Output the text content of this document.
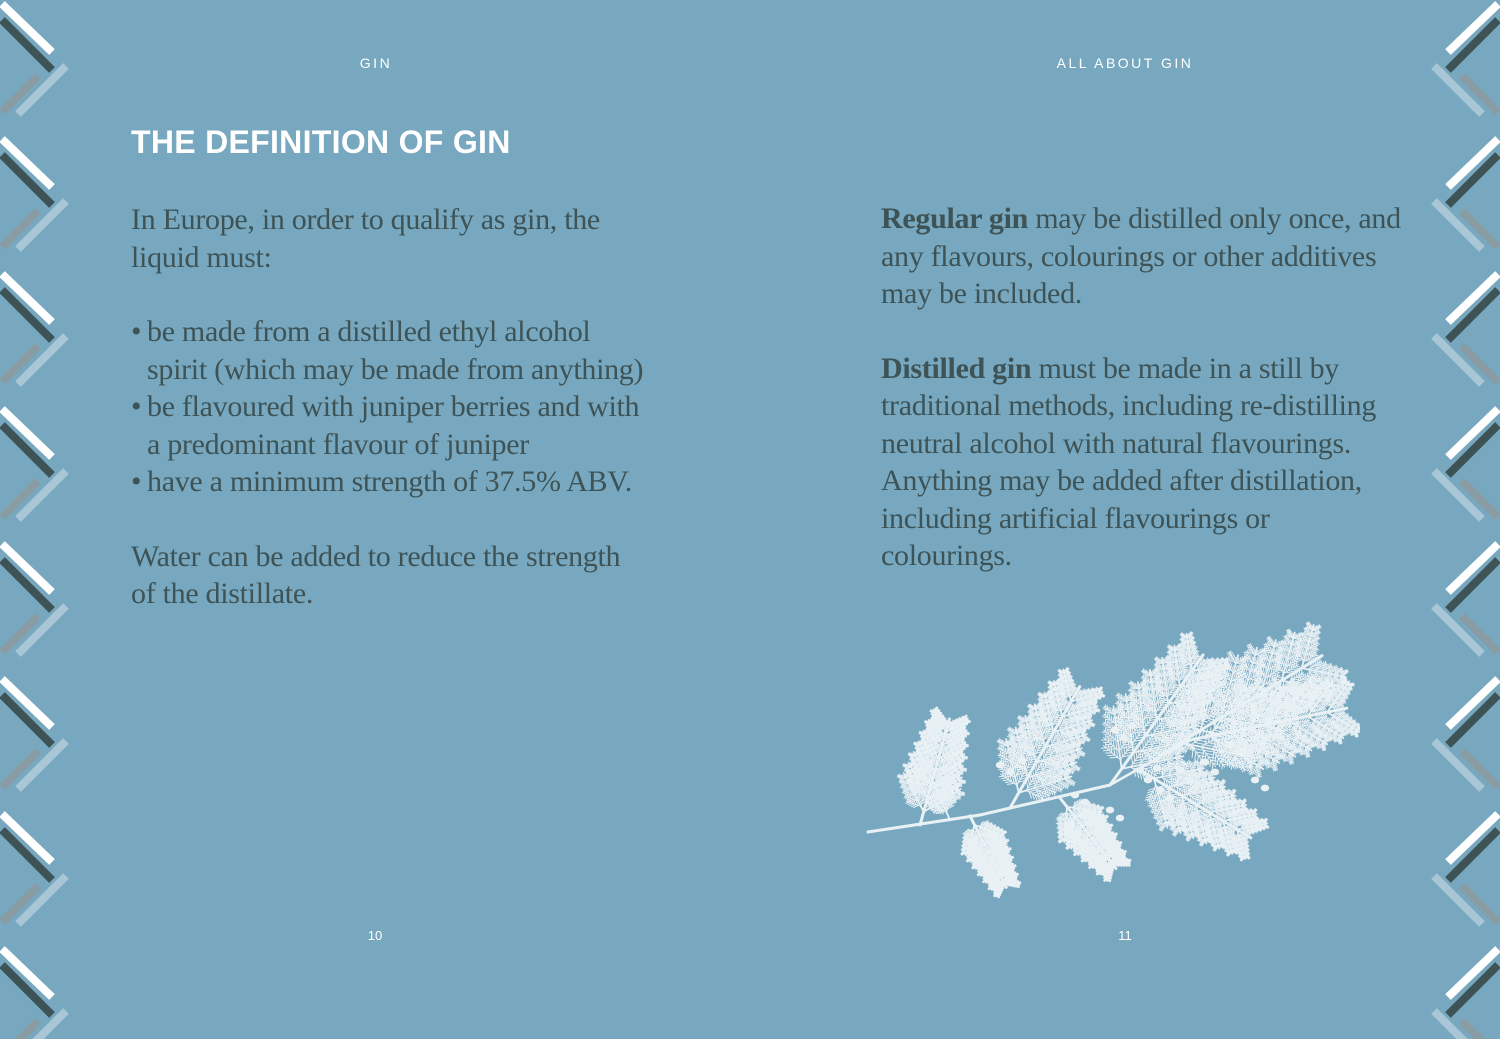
GIN
THE DEFINITION OF GIN

In Europe, in order to qualify as gin, the liquid must:

• be made from a distilled ethyl alcohol spirit (which may be made from anything)
• be flavoured with juniper berries and with a predominant flavour of juniper
• have a minimum strength of 37.5% ABV.

Water can be added to reduce the strength of the distillate.

10
ALL ABOUT GIN

Regular gin may be distilled only once, and any flavours, colourings or other additives may be included.

Distilled gin must be made in a still by traditional methods, including re-distilling neutral alcohol with natural flavourings. Anything may be added after distillation, including artificial flavourings or colourings.

11
